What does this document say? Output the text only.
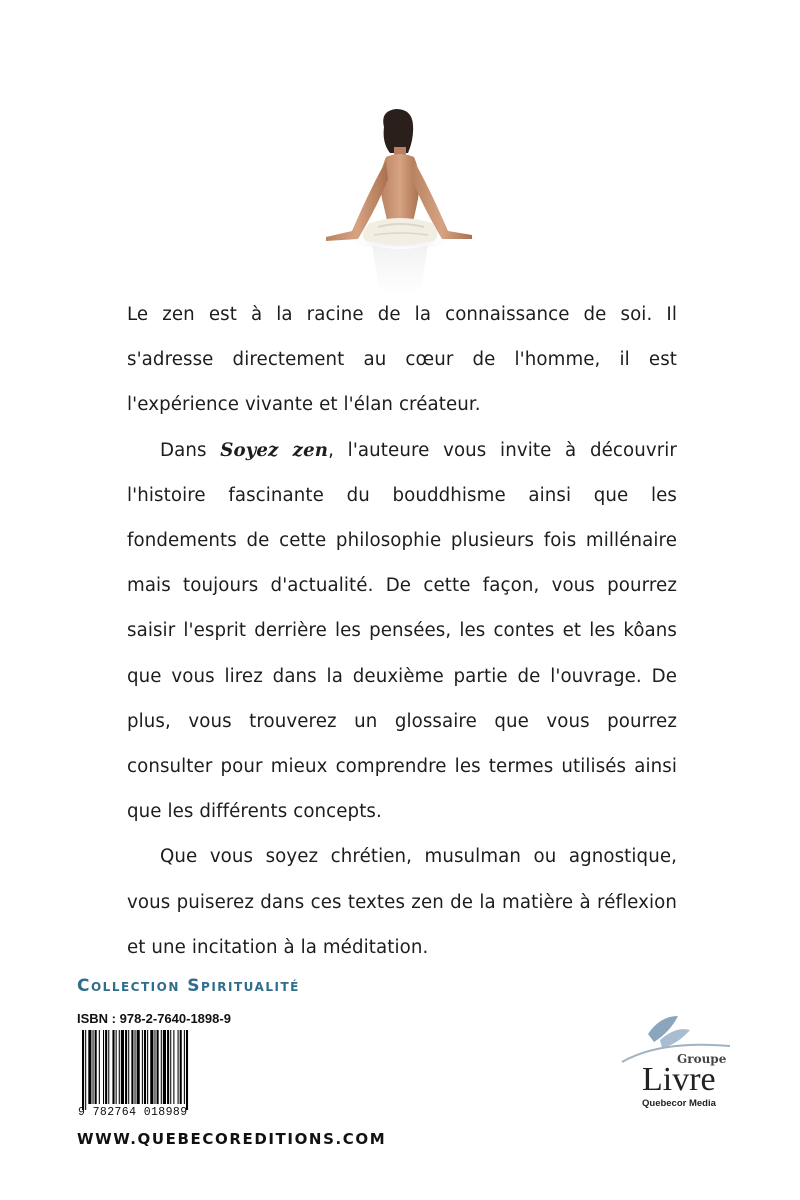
Le zen est à la racine de la connaissance de soi. Il s'adresse directement au cœur de l'homme, il est l'expérience vivante et l'élan créateur.

Dans Soyez zen, l'auteure vous invite à découvrir l'histoire fascinante du bouddhisme ainsi que les fondements de cette philosophie plusieurs fois millénaire mais toujours d'actualité. De cette façon, vous pourrez saisir l'esprit derrière les pensées, les contes et les kôans que vous lirez dans la deuxième partie de l'ouvrage. De plus, vous trouverez un glossaire que vous pourrez consulter pour mieux comprendre les termes utilisés ainsi que les différents concepts.

Que vous soyez chrétien, musulman ou agnostique, vous puiserez dans ces textes zen de la matière à réflexion et une incitation à la méditation.

Collection Spiritualité
ISBN : 978-2-7640-1898-9
9 782764 018989
WWW.QUEBECOREDITIONS.COM
Groupe
Livre
Quebecor Media
